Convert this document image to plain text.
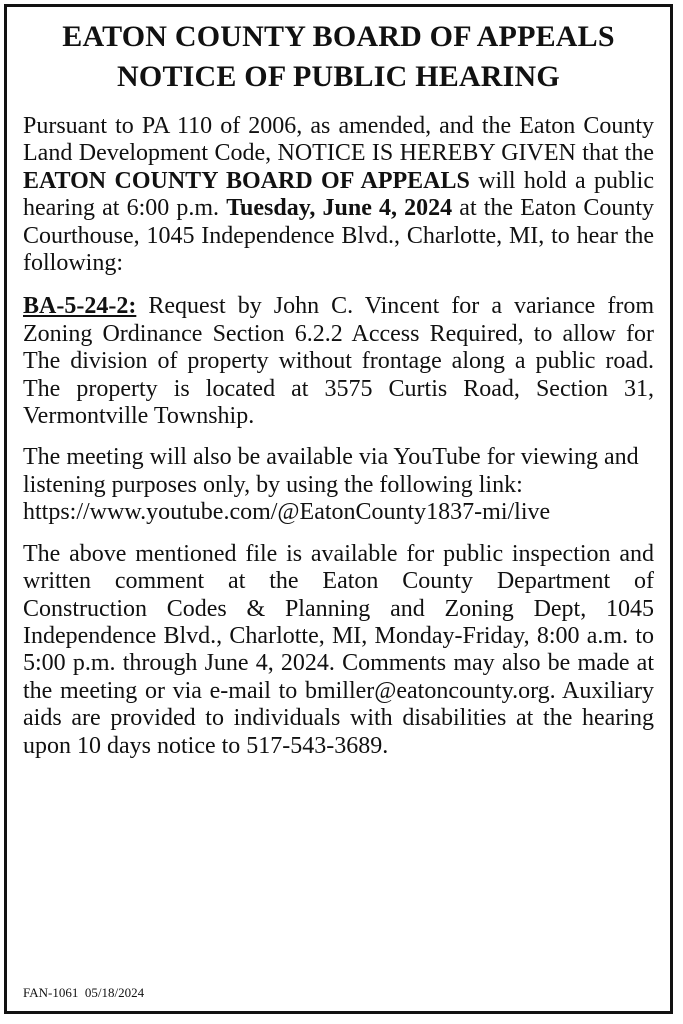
EATON COUNTY BOARD OF APPEALS
NOTICE OF PUBLIC HEARING

Pursuant to PA 110 of 2006, as amended, and the Eaton County Land Development Code, NOTICE IS HEREBY GIVEN that the EATON COUNTY BOARD OF APPEALS will hold a public hearing at 6:00 p.m. Tuesday, June 4, 2024 at the Eaton County Courthouse, 1045 Independence Blvd., Charlotte, MI, to hear the following:

BA-5-24-2: Request by John C. Vincent for a variance from Zoning Ordinance Section 6.2.2 Access Required, to allow for The division of property without frontage along a public road. The property is located at 3575 Curtis Road, Section 31, Vermontville Township.

The meeting will also be available via YouTube for viewing and listening purposes only, by using the following link: https://www.youtube.com/@EatonCounty1837-mi/live

The above mentioned file is available for public inspection and written comment at the Eaton County Department of Construction Codes & Planning and Zoning Dept, 1045 Independence Blvd., Charlotte, MI, Monday-Friday, 8:00 a.m. to 5:00 p.m. through June 4, 2024. Comments may also be made at the meeting or via e-mail to bmiller@eatoncounty.org. Auxiliary aids are provided to individuals with disabilities at the hearing upon 10 days notice to 517-543-3689.

FAN-1061  05/18/2024
